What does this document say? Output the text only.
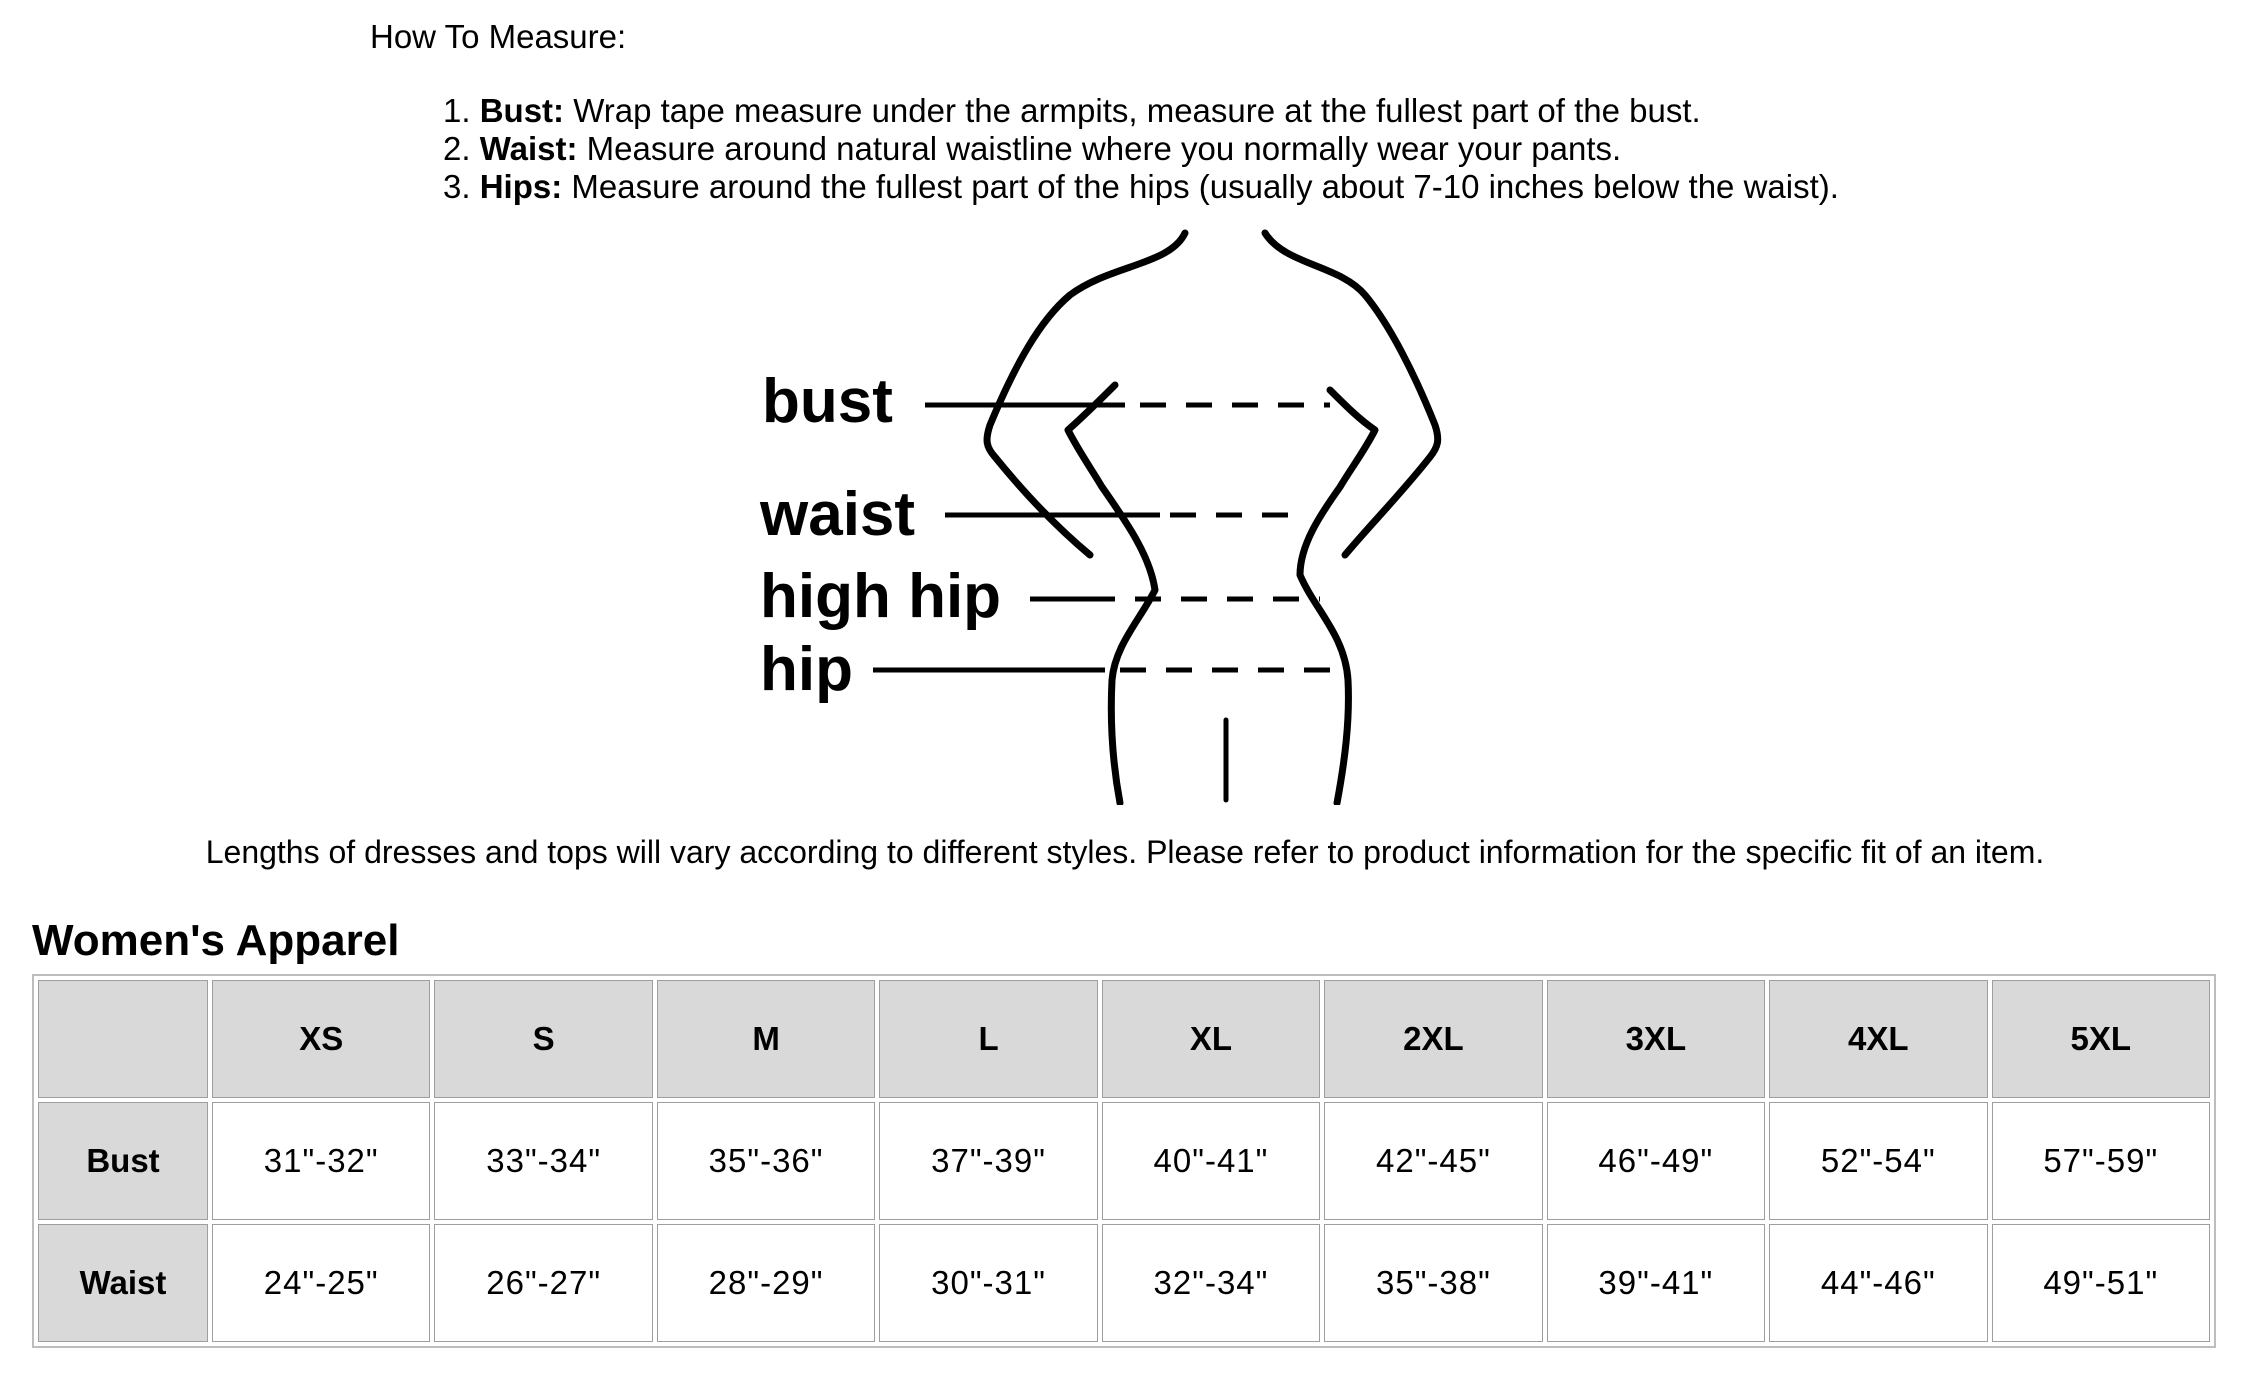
How To Measure:
1. Bust: Wrap tape measure under the armpits, measure at the fullest part of the bust.
2. Waist: Measure around natural waistline where you normally wear your pants.
3. Hips: Measure around the fullest part of the hips (usually about 7-10 inches below the waist).
bust
waist
high hip
hip
Lengths of dresses and tops will vary according to different styles. Please refer to product information for the specific fit of an item.
Women's Apparel
	XS	S	M	L	XL	2XL	3XL	4XL	5XL
Bust	31"-32"	33"-34"	35"-36"	37"-39"	40"-41"	42"-45"	46"-49"	52"-54"	57"-59"
Waist	24"-25"	26"-27"	28"-29"	30"-31"	32"-34"	35"-38"	39"-41"	44"-46"	49"-51"
